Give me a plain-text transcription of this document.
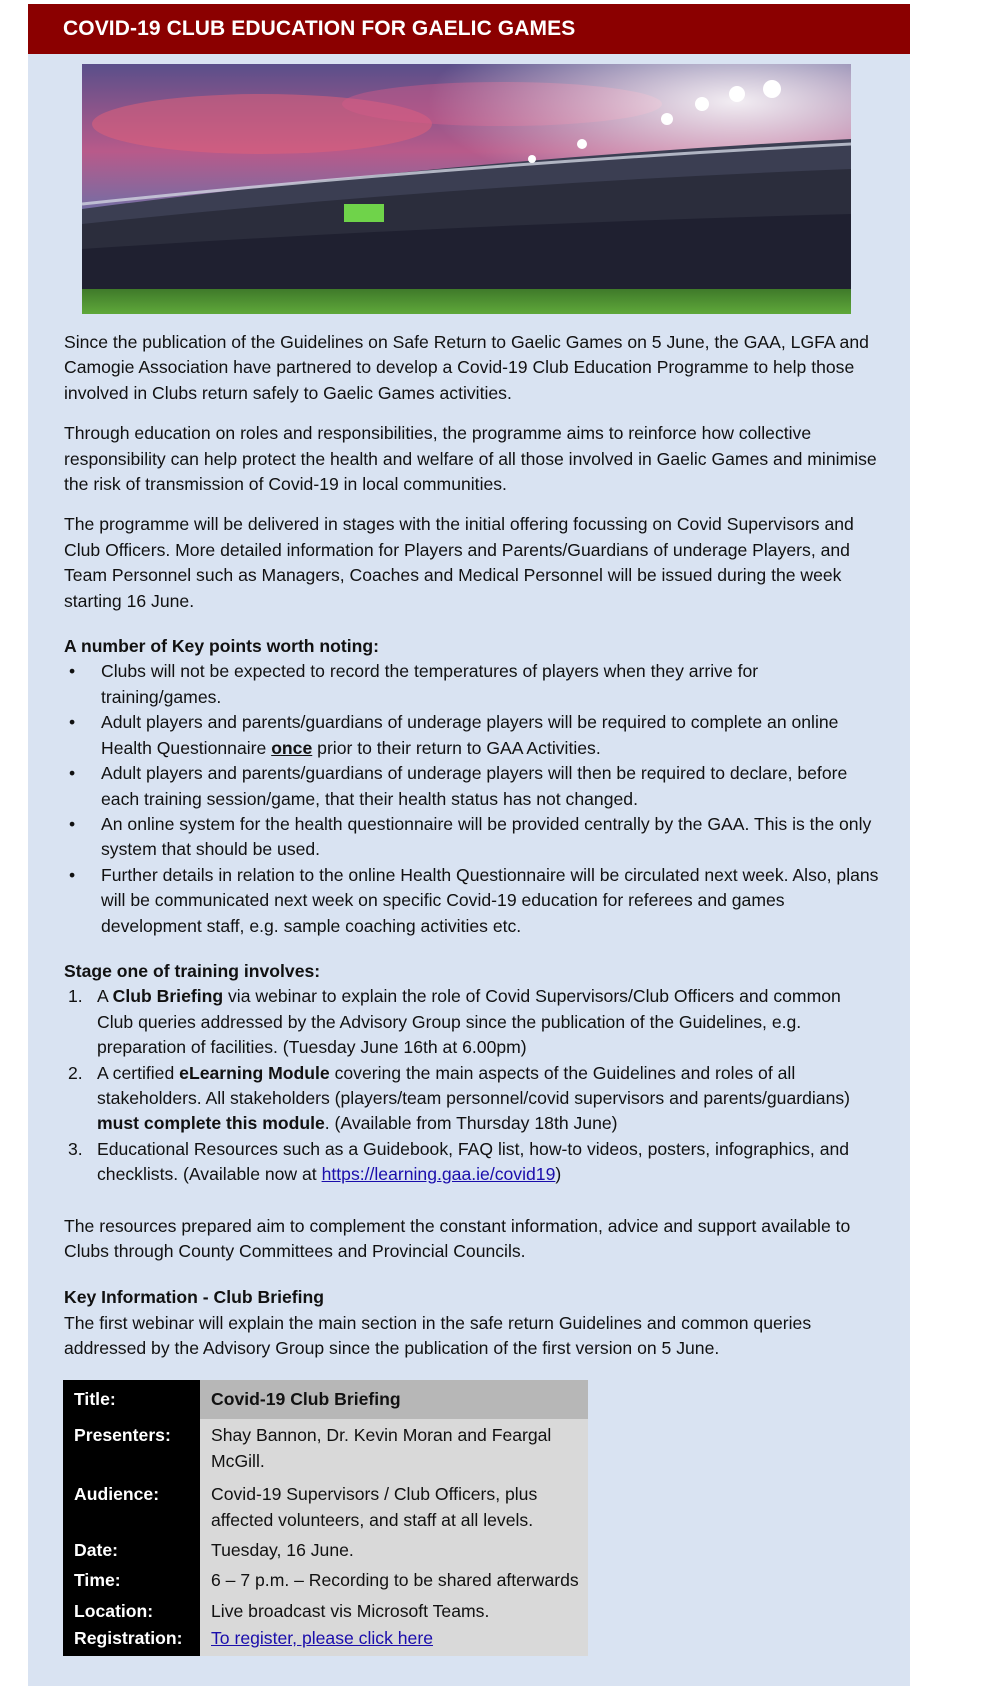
COVID-19 CLUB EDUCATION FOR GAELIC GAMES

Since the publication of the Guidelines on Safe Return to Gaelic Games on 5 June, the GAA, LGFA and Camogie Association have partnered to develop a Covid-19 Club Education Programme to help those involved in Clubs return safely to Gaelic Games activities.

Through education on roles and responsibilities, the programme aims to reinforce how collective responsibility can help protect the health and welfare of all those involved in Gaelic Games and minimise the risk of transmission of Covid-19 in local communities.

The programme will be delivered in stages with the initial offering focussing on Covid Supervisors and Club Officers. More detailed information for Players and Parents/Guardians of underage Players, and Team Personnel such as Managers, Coaches and Medical Personnel will be issued during the week starting 16 June.

A number of Key points worth noting:

• Clubs will not be expected to record the temperatures of players when they arrive for training/games.
• Adult players and parents/guardians of underage players will be required to complete an online Health Questionnaire once prior to their return to GAA Activities.
• Adult players and parents/guardians of underage players will then be required to declare, before each training session/game, that their health status has not changed.
• An online system for the health questionnaire will be provided centrally by the GAA. This is the only system that should be used.
• Further details in relation to the online Health Questionnaire will be circulated next week. Also, plans will be communicated next week on specific Covid-19 education for referees and games development staff, e.g. sample coaching activities etc.

Stage one of training involves:

1. A Club Briefing via webinar to explain the role of Covid Supervisors/Club Officers and common Club queries addressed by the Advisory Group since the publication of the Guidelines, e.g. preparation of facilities. (Tuesday June 16th at 6.00pm)
2. A certified eLearning Module covering the main aspects of the Guidelines and roles of all stakeholders. All stakeholders (players/team personnel/covid supervisors and parents/guardians) must complete this module. (Available from Thursday 18th June)
3. Educational Resources such as a Guidebook, FAQ list, how-to videos, posters, infographics, and checklists. (Available now at https://learning.gaa.ie/covid19)

The resources prepared aim to complement the constant information, advice and support available to Clubs through County Committees and Provincial Councils.

Key Information - Club Briefing

The first webinar will explain the main section in the safe return Guidelines and common queries addressed by the Advisory Group since the publication of the first version on 5 June.

Title:	Covid-19 Club Briefing
Presenters:	Shay Bannon, Dr. Kevin Moran and Feargal McGill.
Audience:	Covid-19 Supervisors / Club Officers, plus affected volunteers, and staff at all levels.
Date:	Tuesday, 16 June.
Time:	6 – 7 p.m. – Recording to be shared afterwards
Location:	Live broadcast vis Microsoft Teams.
Registration:	To register, please click here
